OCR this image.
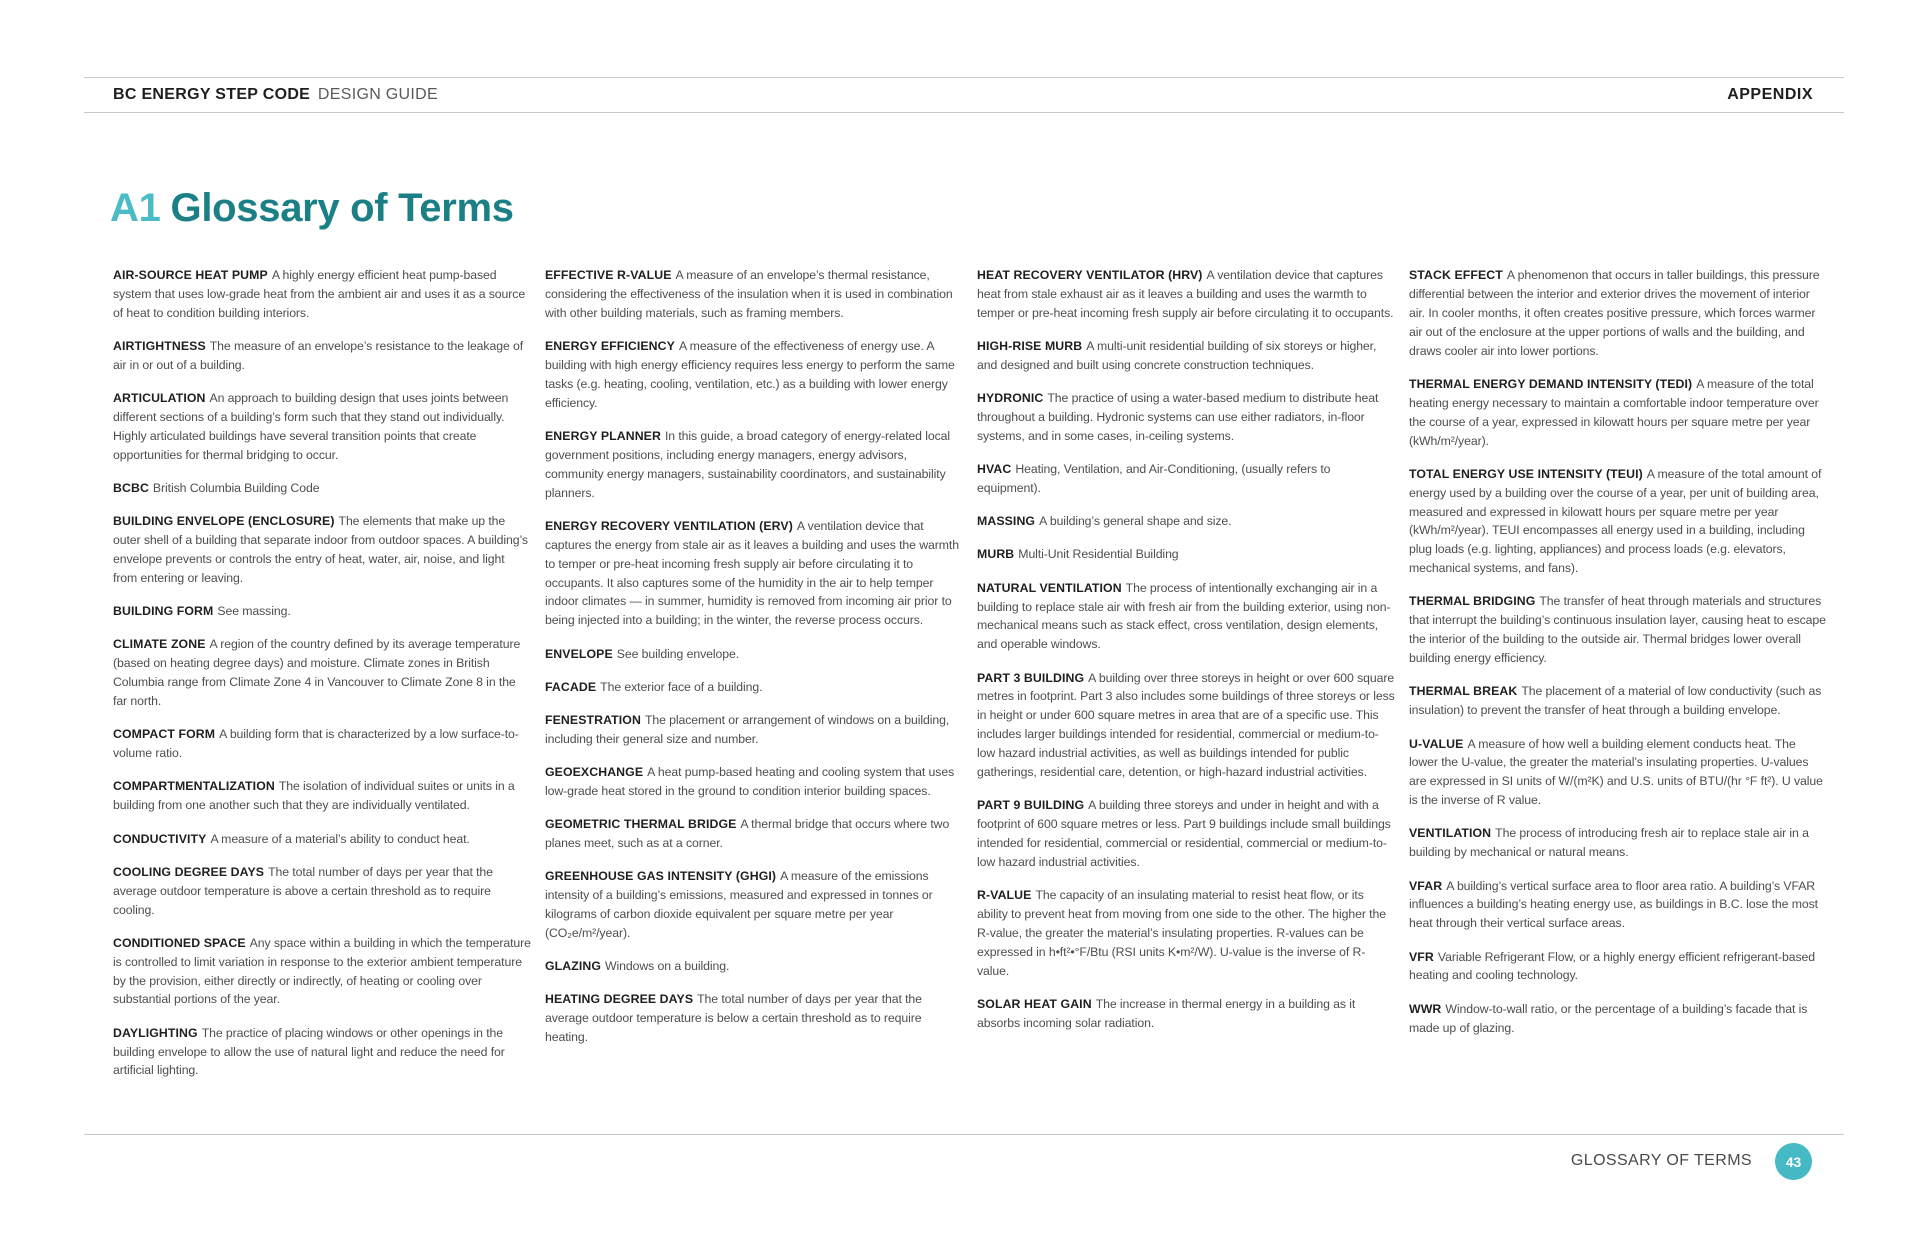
BC ENERGY STEP CODE DESIGN GUIDE	APPENDIX
A1 Glossary of Terms

AIR-SOURCE HEAT PUMP A highly energy efficient heat pump-based system that uses low-grade heat from the ambient air and uses it as a source of heat to condition building interiors.

AIRTIGHTNESS The measure of an envelope’s resistance to the leakage of air in or out of a building.

ARTICULATION An approach to building design that uses joints between different sections of a building’s form such that they stand out individually. Highly articulated buildings have several transition points that create opportunities for thermal bridging to occur.

BCBC British Columbia Building Code

BUILDING ENVELOPE (ENCLOSURE) The elements that make up the outer shell of a building that separate indoor from outdoor spaces. A building’s envelope prevents or controls the entry of heat, water, air, noise, and light from entering or leaving.

BUILDING FORM See massing.

CLIMATE ZONE A region of the country defined by its average temperature (based on heating degree days) and moisture. Climate zones in British Columbia range from Climate Zone 4 in Vancouver to Climate Zone 8 in the far north.

COMPACT FORM A building form that is characterized by a low surface-to-volume ratio.

COMPARTMENTALIZATION The isolation of individual suites or units in a building from one another such that they are individually ventilated.

CONDUCTIVITY A measure of a material’s ability to conduct heat.

COOLING DEGREE DAYS The total number of days per year that the average outdoor temperature is above a certain threshold as to require cooling.

CONDITIONED SPACE Any space within a building in which the temperature is controlled to limit variation in response to the exterior ambient temperature by the provision, either directly or indirectly, of heating or cooling over substantial portions of the year.

DAYLIGHTING The practice of placing windows or other openings in the building envelope to allow the use of natural light and reduce the need for artificial lighting.

EFFECTIVE R-VALUE A measure of an envelope’s thermal resistance, considering the effectiveness of the insulation when it is used in combination with other building materials, such as framing members.

ENERGY EFFICIENCY A measure of the effectiveness of energy use. A building with high energy efficiency requires less energy to perform the same tasks (e.g. heating, cooling, ventilation, etc.) as a building with lower energy efficiency.

ENERGY PLANNER In this guide, a broad category of energy-related local government positions, including energy managers, energy advisors, community energy managers, sustainability coordinators, and sustainability planners.

ENERGY RECOVERY VENTILATION (ERV) A ventilation device that captures the energy from stale air as it leaves a building and uses the warmth to temper or pre-heat incoming fresh supply air before circulating it to occupants. It also captures some of the humidity in the air to help temper indoor climates — in summer, humidity is removed from incoming air prior to being injected into a building; in the winter, the reverse process occurs.

ENVELOPE See building envelope.

FACADE The exterior face of a building.

FENESTRATION The placement or arrangement of windows on a building, including their general size and number.

GEOEXCHANGE A heat pump-based heating and cooling system that uses low-grade heat stored in the ground to condition interior building spaces.

GEOMETRIC THERMAL BRIDGE A thermal bridge that occurs where two planes meet, such as at a corner.

GREENHOUSE GAS INTENSITY (GHGI) A measure of the emissions intensity of a building’s emissions, measured and expressed in tonnes or kilograms of carbon dioxide equivalent per square metre per year (CO₂e/m²/year).

GLAZING Windows on a building.

HEATING DEGREE DAYS The total number of days per year that the average outdoor temperature is below a certain threshold as to require heating.

HEAT RECOVERY VENTILATOR (HRV) A ventilation device that captures heat from stale exhaust air as it leaves a building and uses the warmth to temper or pre-heat incoming fresh supply air before circulating it to occupants.

HIGH-RISE MURB A multi-unit residential building of six storeys or higher, and designed and built using concrete construction techniques.

HYDRONIC The practice of using a water-based medium to distribute heat throughout a building. Hydronic systems can use either radiators, in-floor systems, and in some cases, in-ceiling systems.

HVAC Heating, Ventilation, and Air-Conditioning, (usually refers to equipment).

MASSING A building’s general shape and size.

MURB Multi-Unit Residential Building

NATURAL VENTILATION The process of intentionally exchanging air in a building to replace stale air with fresh air from the building exterior, using non-mechanical means such as stack effect, cross ventilation, design elements, and operable windows.

PART 3 BUILDING A building over three storeys in height or over 600 square metres in footprint. Part 3 also includes some buildings of three storeys or less in height or under 600 square metres in area that are of a specific use. This includes larger buildings intended for residential, commercial or medium-to-low hazard industrial activities, as well as buildings intended for public gatherings, residential care, detention, or high-hazard industrial activities.

PART 9 BUILDING A building three storeys and under in height and with a footprint of 600 square metres or less. Part 9 buildings include small buildings intended for residential, commercial or residential, commercial or medium-to-low hazard industrial activities.

R-VALUE The capacity of an insulating material to resist heat flow, or its ability to prevent heat from moving from one side to the other. The higher the R-value, the greater the material’s insulating properties. R-values can be expressed in h•ft²•°F/Btu (RSI units K•m²/W). U-value is the inverse of R-value.

SOLAR HEAT GAIN The increase in thermal energy in a building as it absorbs incoming solar radiation.

STACK EFFECT A phenomenon that occurs in taller buildings, this pressure differential between the interior and exterior drives the movement of interior air. In cooler months, it often creates positive pressure, which forces warmer air out of the enclosure at the upper portions of walls and the building, and draws cooler air into lower portions.

THERMAL ENERGY DEMAND INTENSITY (TEDI) A measure of the total heating energy necessary to maintain a comfortable indoor temperature over the course of a year, expressed in kilowatt hours per square metre per year (kWh/m²/year).

TOTAL ENERGY USE INTENSITY (TEUI) A measure of the total amount of energy used by a building over the course of a year, per unit of building area, measured and expressed in kilowatt hours per square metre per year (kWh/m²/year). TEUI encompasses all energy used in a building, including plug loads (e.g. lighting, appliances) and process loads (e.g. elevators, mechanical systems, and fans).

THERMAL BRIDGING The transfer of heat through materials and structures that interrupt the building’s continuous insulation layer, causing heat to escape the interior of the building to the outside air. Thermal bridges lower overall building energy efficiency.

THERMAL BREAK The placement of a material of low conductivity (such as insulation) to prevent the transfer of heat through a building envelope.

U-VALUE A measure of how well a building element conducts heat. The lower the U-value, the greater the material’s insulating properties. U-values are expressed in SI units of W/(m²K) and U.S. units of BTU/(hr °F ft²). U value is the inverse of R value.

VENTILATION The process of introducing fresh air to replace stale air in a building by mechanical or natural means.

VFAR A building’s vertical surface area to floor area ratio. A building’s VFAR influences a building’s heating energy use, as buildings in B.C. lose the most heat through their vertical surface areas.

VFR Variable Refrigerant Flow, or a highly energy efficient refrigerant-based heating and cooling technology.

WWR Window-to-wall ratio, or the percentage of a building’s facade that is made up of glazing.

GLOSSARY OF TERMS	43
